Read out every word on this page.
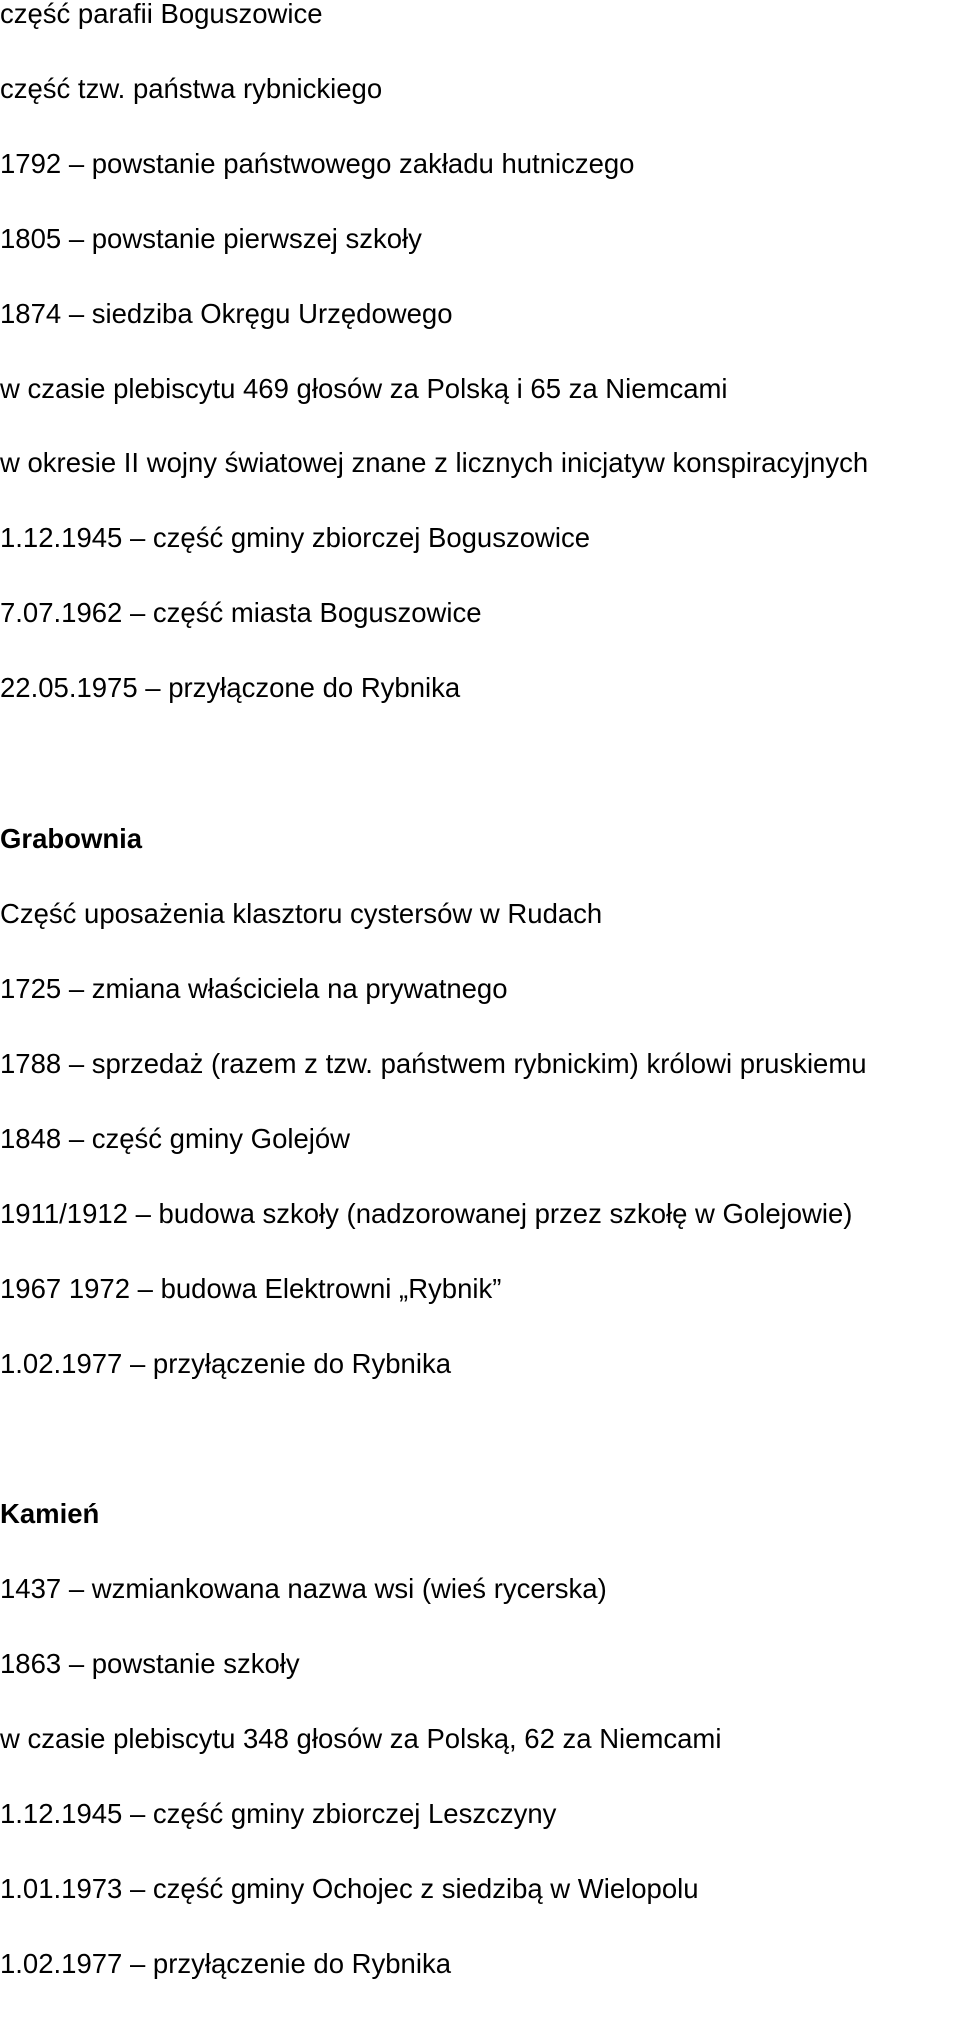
część parafii Boguszowice

część tzw. państwa rybnickiego

1792 – powstanie państwowego zakładu hutniczego

1805 – powstanie pierwszej szkoły

1874 – siedziba Okręgu Urzędowego

w czasie plebiscytu 469 głosów za Polską i 65 za Niemcami

w okresie II wojny światowej znane z licznych inicjatyw konspiracyjnych

1.12.1945 – część gminy zbiorczej Boguszowice

7.07.1962 – część miasta Boguszowice

22.05.1975 – przyłączone do Rybnika

Grabownia

Część uposażenia klasztoru cystersów w Rudach

1725 – zmiana właściciela na prywatnego

1788 – sprzedaż (razem z tzw. państwem rybnickim) królowi pruskiemu

1848 – część gminy Golejów

1911/1912 – budowa szkoły (nadzorowanej przez szkołę w Golejowie)

1967 1972 – budowa Elektrowni „Rybnik”

1.02.1977 – przyłączenie do Rybnika

Kamień

1437 – wzmiankowana nazwa wsi (wieś rycerska)

1863 – powstanie szkoły

w czasie plebiscytu 348 głosów za Polską, 62 za Niemcami

1.12.1945 – część gminy zbiorczej Leszczyny

1.01.1973 – część gminy Ochojec z siedzibą w Wielopolu

1.02.1977 – przyłączenie do Rybnika
